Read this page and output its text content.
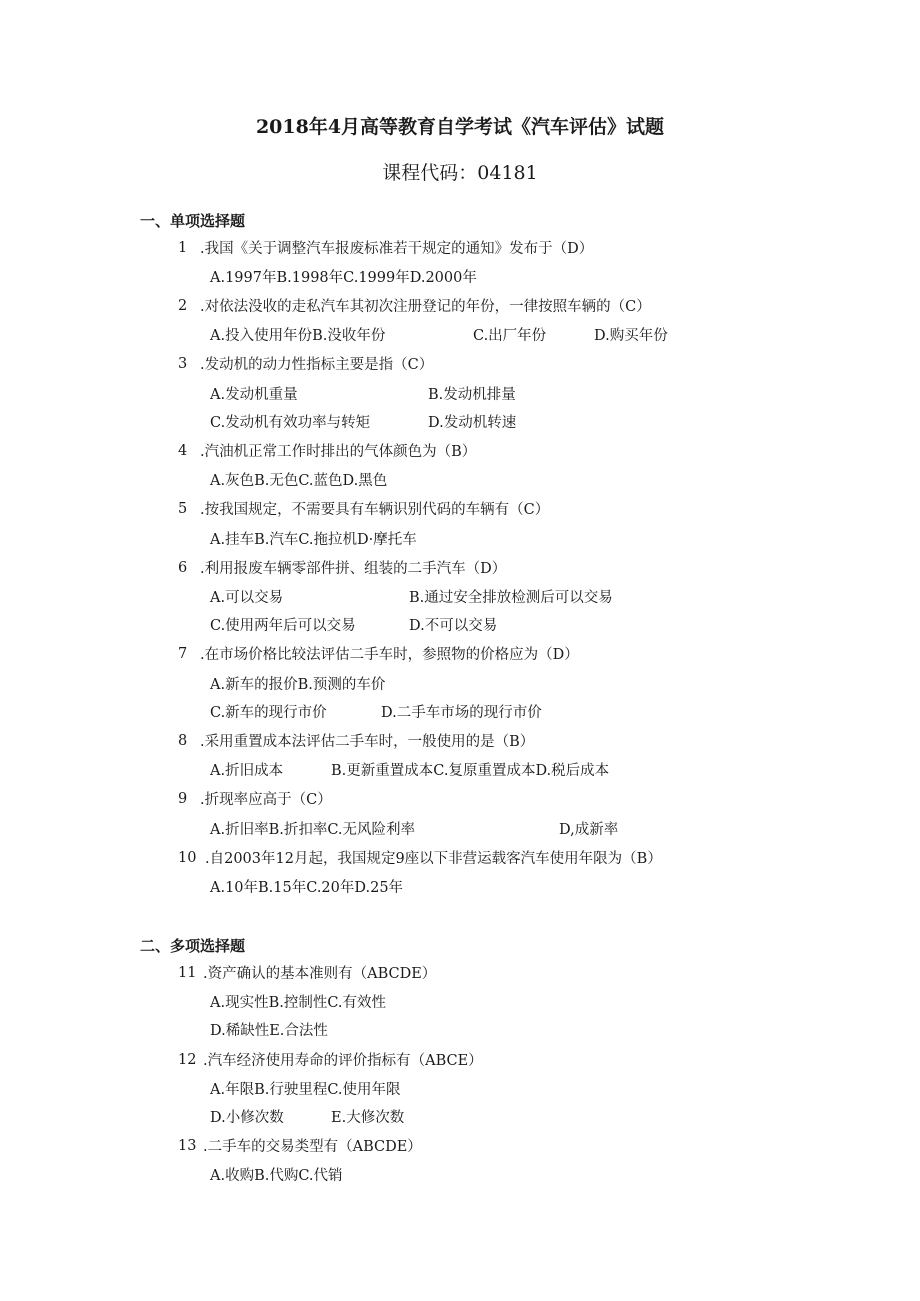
2018年4月高等教育自学考试《汽车评估》试题
课程代码：04181
一、单项选择题
1 .我国《关于调整汽车报废标准若干规定的通知》发布于（D）
A.1997年B.1998年C.1999年D.2000年
2 .对依法没收的走私汽车其初次注册登记的年份，一律按照车辆的（C）
A.投入使用年份B.没收年份	C.出厂年份	D.购买年份
3 .发动机的动力性指标主要是指（C）
A.发动机重量	B.发动机排量
C.发动机有效功率与转矩	D.发动机转速
4 .汽油机正常工作时排出的气体颜色为（B）
A.灰色B.无色C.蓝色D.黑色
5 .按我国规定，不需要具有车辆识别代码的车辆有（C）
A.挂车B.汽车C.拖拉机D·摩托车
6 .利用报废车辆零部件拼、组装的二手汽车（D）
A.可以交易	B.通过安全排放检测后可以交易
C.使用两年后可以交易	D.不可以交易
7 .在市场价格比较法评估二手车时，参照物的价格应为（D）
A.新车的报价B.预测的车价
C.新车的现行市价	D.二手车市场的现行市价
8 .采用重置成本法评估二手车时，一般使用的是（B）
A.折旧成本	B.更新重置成本C.复原重置成本D.税后成本
9 .折现率应高于（C）
A.折旧率B.折扣率C.无风险利率	D,成新率
10 .自2003年12月起，我国规定9座以下非营运载客汽车使用年限为（B）
A.10年B.15年C.20年D.25年
二、多项选择题
11 .资产确认的基本准则有（ABCDE）
A.现实性B.控制性C.有效性
D.稀缺性E.合法性
12 .汽车经济使用寿命的评价指标有（ABCE）
A.年限B.行驶里程C.使用年限
D.小修次数	E.大修次数
13 .二手车的交易类型有（ABCDE）
A.收购B.代购C.代销
